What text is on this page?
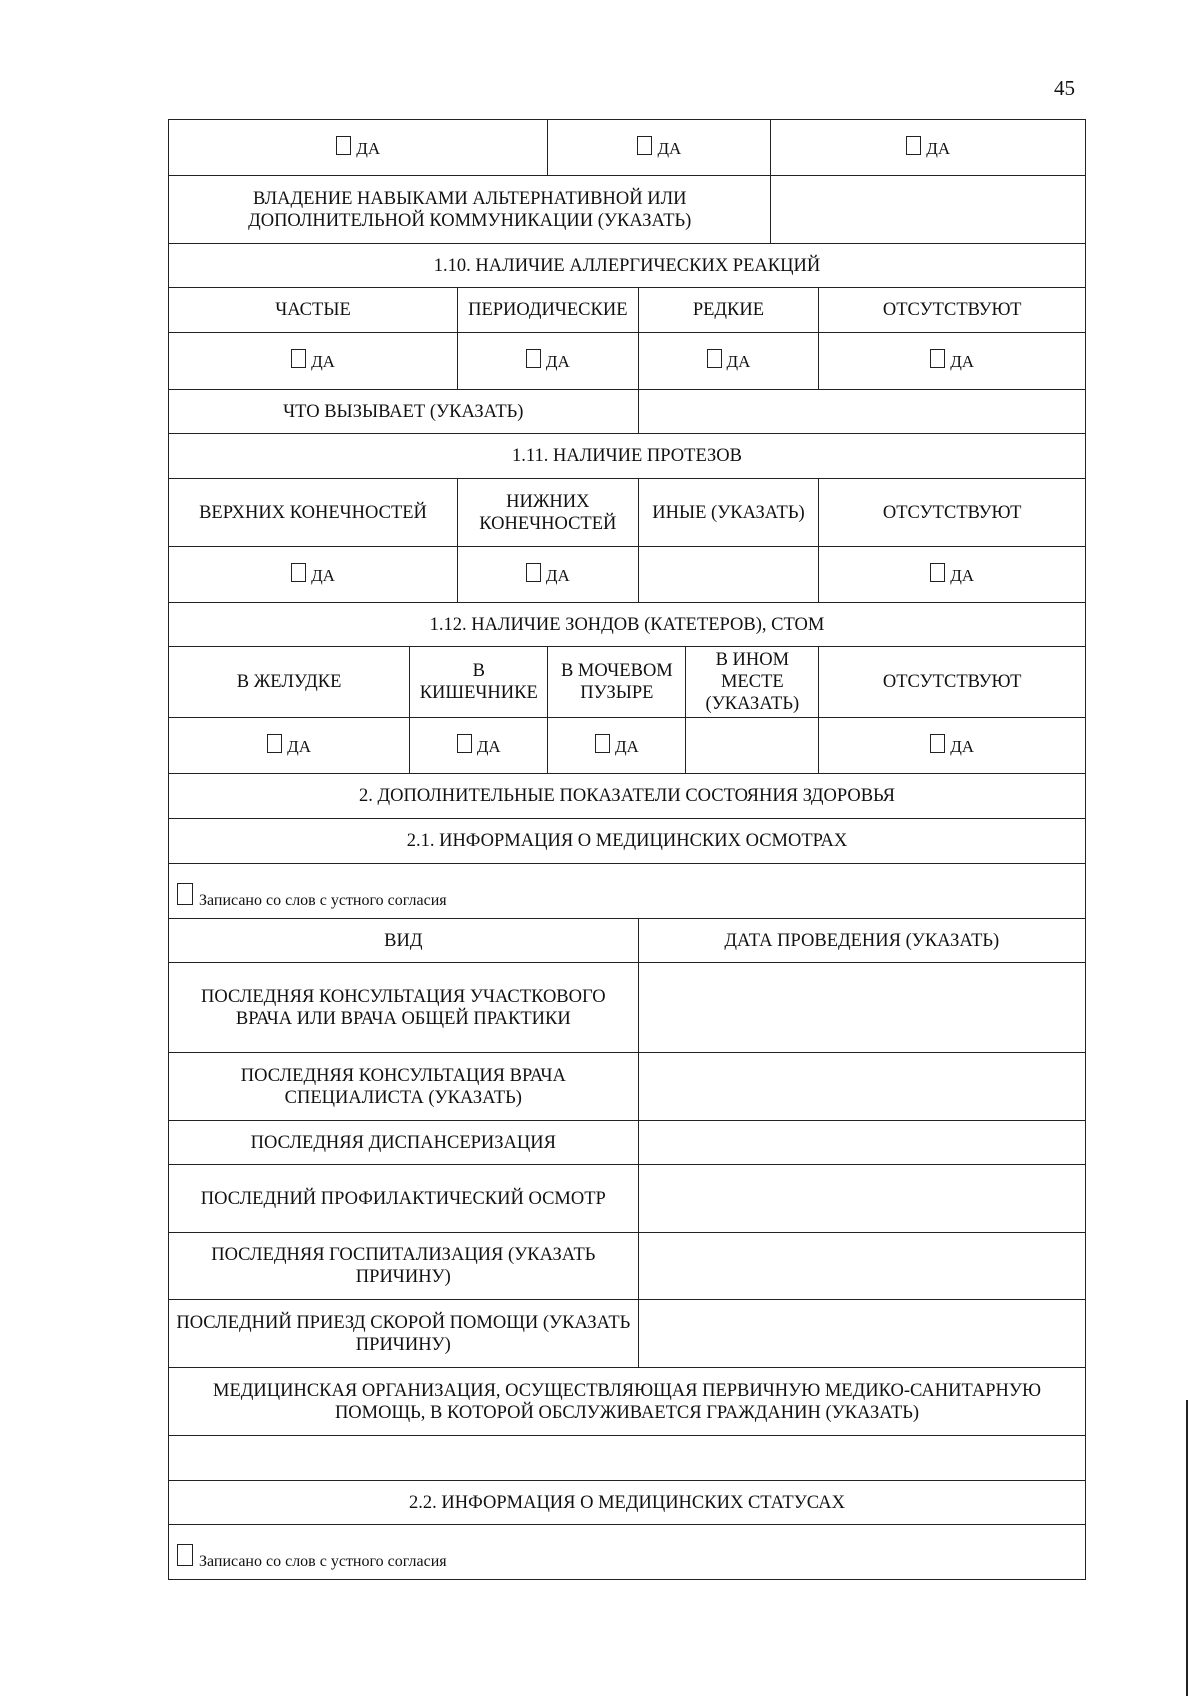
45
ДА			ДА			ДА	
ВЛАДЕНИЕ НАВЫКАМИ АЛЬТЕРНАТИВНОЙ ИЛИ ДОПОЛНИТЕЛЬНОЙ КОММУНИКАЦИИ (УКАЗАТЬ)							
1.10. НАЛИЧИЕ АЛЛЕРГИЧЕСКИХ РЕАКЦИЙ							
ЧАСТЫЕ		ПЕРИОДИЧЕСКИЕ		РЕДКИЕ			ОТСУТСТВУЮТ
ДА		ДА		ДА			ДА
ЧТО ВЫЗЫВАЕТ (УКАЗАТЬ)							
1.11. НАЛИЧИЕ ПРОТЕЗОВ							
ВЕРХНИХ КОНЕЧНОСТЕЙ		НИЖНИХ КОНЕЧНОСТЕЙ		ИНЫЕ (УКАЗАТЬ)			ОТСУТСТВУЮТ
ДА		ДА					ДА
1.12. НАЛИЧИЕ ЗОНДОВ (КАТЕТЕРОВ), СТОМ							
В ЖЕЛУДКЕ	В КИШЕЧНИКЕ		В МОЧЕВОМ ПУЗЫРЕ		В ИНОМ МЕСТЕ (УКАЗАТЬ)		ОТСУТСТВУЮТ
ДА	ДА		ДА				ДА
2. ДОПОЛНИТЕЛЬНЫЕ ПОКАЗАТЕЛИ СОСТОЯНИЯ ЗДОРОВЬЯ							
2.1. ИНФОРМАЦИЯ О МЕДИЦИНСКИХ ОСМОТРАХ							
Записано со слов с устного согласия							
ВИД				ДАТА ПРОВЕДЕНИЯ (УКАЗАТЬ)			
ПОСЛЕДНЯЯ КОНСУЛЬТАЦИЯ УЧАСТКОВОГО ВРАЧА ИЛИ ВРАЧА ОБЩЕЙ ПРАКТИКИ							
ПОСЛЕДНЯЯ КОНСУЛЬТАЦИЯ ВРАЧА СПЕЦИАЛИСТА (УКАЗАТЬ)							
ПОСЛЕДНЯЯ ДИСПАНСЕРИЗАЦИЯ							
ПОСЛЕДНИЙ ПРОФИЛАКТИЧЕСКИЙ ОСМОТР							
ПОСЛЕДНЯЯ ГОСПИТАЛИЗАЦИЯ (УКАЗАТЬ ПРИЧИНУ)							
ПОСЛЕДНИЙ ПРИЕЗД СКОРОЙ ПОМОЩИ (УКАЗАТЬ ПРИЧИНУ)							
МЕДИЦИНСКАЯ ОРГАНИЗАЦИЯ, ОСУЩЕСТВЛЯЮЩАЯ ПЕРВИЧНУЮ МЕДИКО-САНИТАРНУЮ ПОМОЩЬ, В КОТОРОЙ ОБСЛУЖИВАЕТСЯ ГРАЖДАНИН (УКАЗАТЬ)							

2.2. ИНФОРМАЦИЯ О МЕДИЦИНСКИХ СТАТУСАХ							
Записано со слов с устного согласия							
